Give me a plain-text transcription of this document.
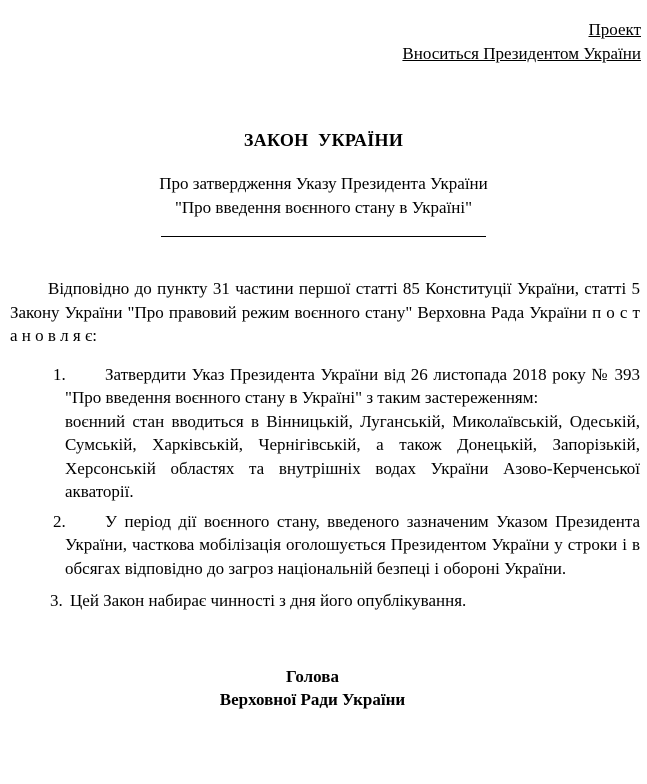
Проект
Вноситься Президентом України
ЗАКОН  УКРАЇНИ
Про затвердження Указу Президента України
"Про введення воєнного стану в Україні"

Відповідно до пункту 31 частини першої статті 85 Конституції України, статті 5 Закону України "Про правовий режим воєнного стану" Верховна Рада України п о с т а н о в л я є:

1.	Затвердити Указ Президента України від 26 листопада 2018 року № 393 "Про введення воєнного стану в Україні" з таким застереженням:

воєнний стан вводиться в Вінницькій, Луганській, Миколаївській, Одеській, Сумській, Харківській, Чернігівській, а також Донецькій, Запорізькій, Херсонській областях та внутрішніх водах України Азово-Керченської акваторії.

2.	У період дії воєнного стану, введеного зазначеним Указом Президента України, часткова мобілізація оголошується Президентом України у строки і в обсягах відповідно до загроз національній безпеці і обороні України.

3. Цей Закон набирає чинності з дня його опублікування.

Голова
Верховної Ради України
